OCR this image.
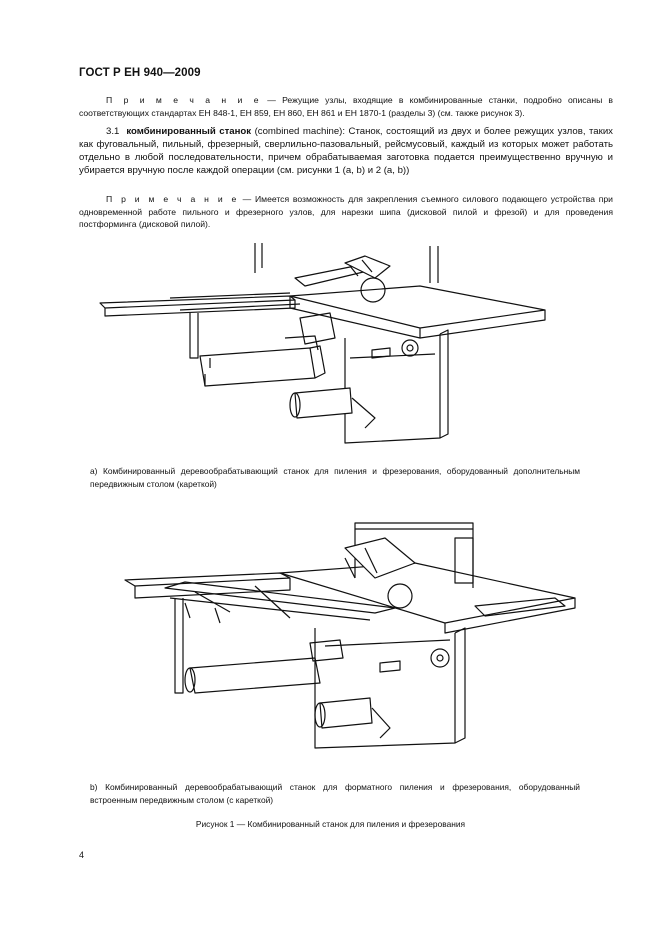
ГОСТ Р ЕН 940—2009
П р и м е ч а н и е — Режущие узлы, входящие в комбинированные станки, подробно описаны в соответствующих стандартах ЕН 848-1, ЕН 859, ЕН 860, ЕН 861 и ЕН 1870-1 (разделы 3) (см. также рисунок 3).
3.1 комбинированный станок (combined machine): Станок, состоящий из двух и более режущих узлов, таких как фуговальный, пильный, фрезерный, сверлильно-пазовальный, рейсмусовый, каждый из которых может работать отдельно в любой последовательности, причем обрабатываемая заготовка подается преимущественно вручную и убирается вручную после каждой операции (см. рисунки 1 (a, b) и 2 (a, b))
П р и м е ч а н и е — Имеется возможность для закрепления съемного силового подающего устройства при одновременной работе пильного и фрезерного узлов, для нарезки шипа (дисковой пилой и фрезой) и для проведения постформинга (дисковой пилой).
a) Комбинированный деревообрабатывающий станок для пиления и фрезерования, оборудованный дополнительным передвижным столом (кареткой)
b) Комбинированный деревообрабатывающий станок для форматного пиления и фрезерования, оборудованный встроенным передвижным столом (с кареткой)
Рисунок 1 — Комбинированный станок для пиления и фрезерования
4
